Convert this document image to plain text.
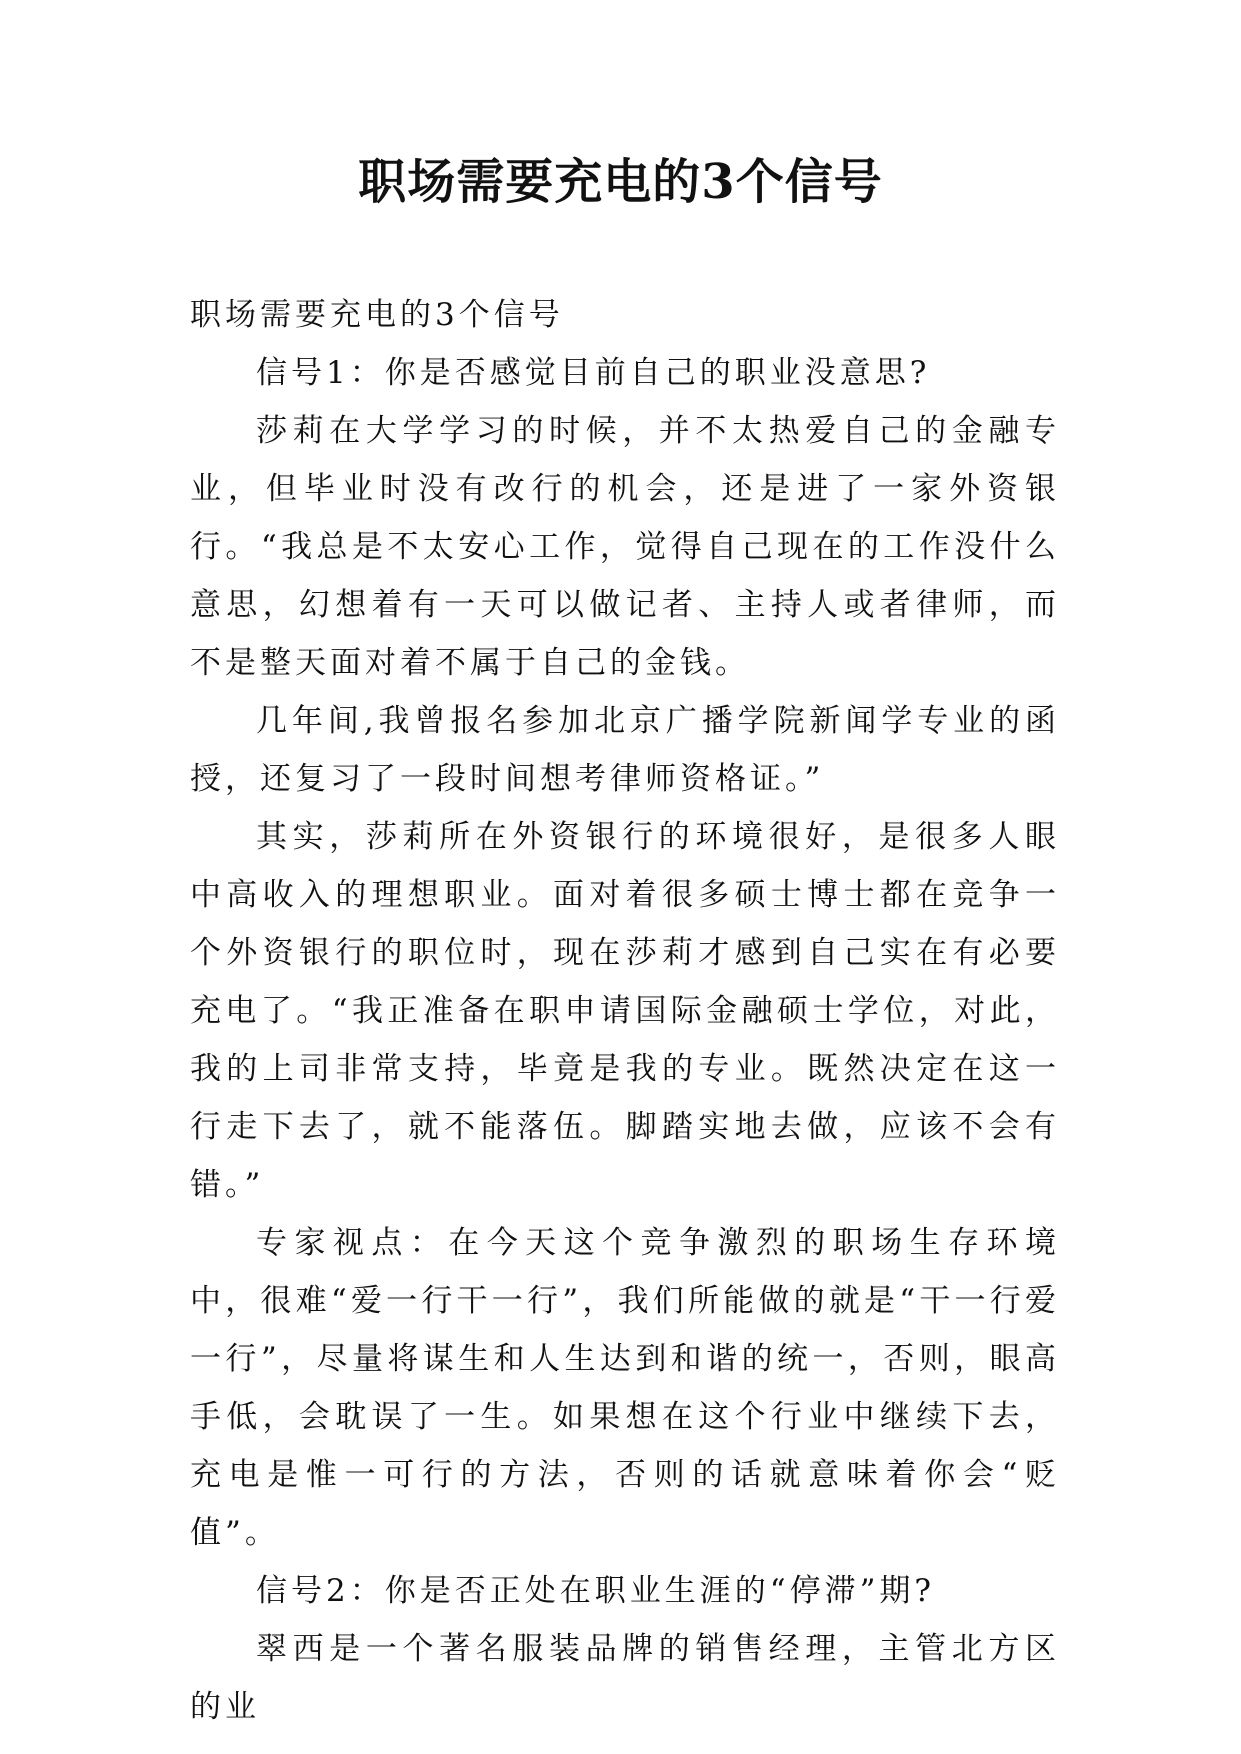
职场需要充电的3个信号

职场需要充电的3个信号

信号1：你是否感觉目前自己的职业没意思?

莎莉在大学学习的时候，并不太热爱自己的金融专业，但毕业时没有改行的机会，还是进了一家外资银行。“我总是不太安心工作，觉得自己现在的工作没什么意思，幻想着有一天可以做记者、主持人或者律师，而不是整天面对着不属于自己的金钱。

几年间,我曾报名参加北京广播学院新闻学专业的函授，还复习了一段时间想考律师资格证。”

其实，莎莉所在外资银行的环境很好，是很多人眼中高收入的理想职业。面对着很多硕士博士都在竞争一个外资银行的职位时，现在莎莉才感到自己实在有必要充电了。“我正准备在职申请国际金融硕士学位，对此，我的上司非常支持，毕竟是我的专业。既然决定在这一行走下去了，就不能落伍。脚踏实地去做，应该不会有错。”

专家视点：在今天这个竞争激烈的职场生存环境中，很难“爱一行干一行”，我们所能做的就是“干一行爱一行”，尽量将谋生和人生达到和谐的统一，否则，眼高手低，会耽误了一生。如果想在这个行业中继续下去，充电是惟一可行的方法，否则的话就意味着你会“贬值”。

信号2：你是否正处在职业生涯的“停滞”期?

翠西是一个著名服装品牌的销售经理，主管北方区的业
